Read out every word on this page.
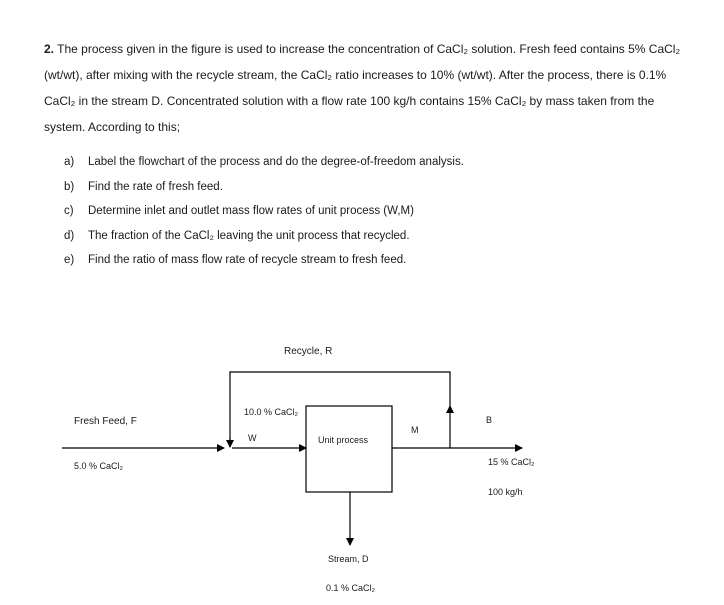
2. The process given in the figure is used to increase the concentration of CaCl₂ solution. Fresh feed contains 5% CaCl₂ (wt/wt), after mixing with the recycle stream, the CaCl₂ ratio increases to 10% (wt/wt). After the process, there is 0.1% CaCl₂ in the stream D. Concentrated solution with a flow rate 100 kg/h contains 15% CaCl₂ by mass taken from the system. According to this;
a) Label the flowchart of the process and do the degree-of-freedom analysis.
b) Find the rate of fresh feed.
c) Determine inlet and outlet mass flow rates of unit process (W,M)
d) The fraction of the CaCl₂ leaving the unit process that recycled.
e) Find the ratio of mass flow rate of recycle stream to fresh feed.
Recycle, R
Fresh Feed, F
5.0 % CaCl₂
10.0 % CaCl₂
W	Unit process
M
B
15 % CaCl₂
100 kg/h
Stream, D
0.1 % CaCl₂
